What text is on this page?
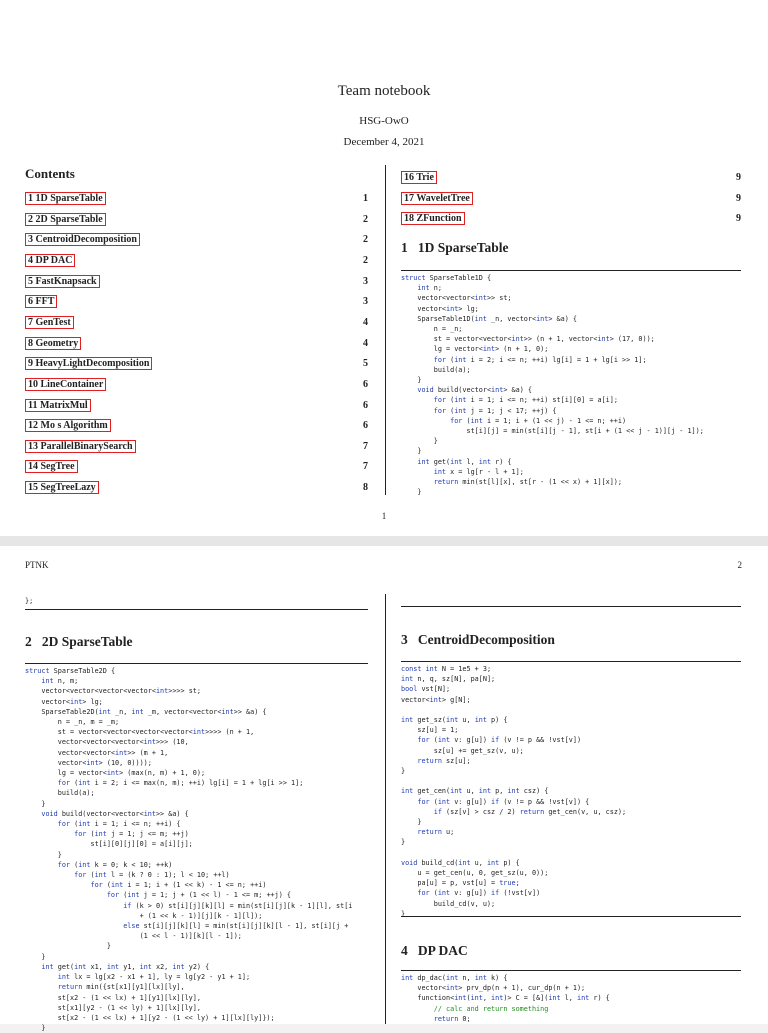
Team notebook
HSG-OwO
December 4, 2021
Contents
1 1D SparseTable	1
2 2D SparseTable	2
3 CentroidDecomposition	2
4 DP DAC	2
5 FastKnapsack	3
6 FFT	3
7 GenTest	4
8 Geometry	4
9 HeavyLightDecomposition	5
10 LineContainer	6
11 MatrixMul	6
12 Mo s Algorithm	6
13 ParallelBinarySearch	7
14 SegTree	7
15 SegTreeLazy	8
16 Trie	9
17 WaveletTree	9
18 ZFunction	9
1 1D SparseTable
struct SparseTable1D {
int n;
vector<vector<int>> st;
vector<int> lg;
SparseTable1D(int _n, vector<int> &a) {
n = _n;
st = vector<vector<int>> (n + 1, vector<int> (17, 0));
lg = vector<int> (n + 1, 0);
for (int i = 2; i <= n; ++i) lg[i] = 1 + lg[i >> 1];
build(a);
}
void build(vector<int> &a) {
for (int i = 1; i <= n; ++i) st[i][0] = a[i];
for (int j = 1; j < 17; ++j) {
for (int i = 1; i + (1 << j) - 1 <= n; ++i)
st[i][j] = min(st[i][j - 1], st[i + (1 << j - 1)][j - 1]);
}
}
int get(int l, int r) {
int x = lg[r - l + 1];
return min(st[l][x], st[r - (1 << x) + 1][x]);
}
1
PTNK	2
};
2 2D SparseTable
struct SparseTable2D {
int n, m;
vector<vector<vector<vector<int>>>> st;
vector<int> lg;
SparseTable2D(int _n, int _m, vector<vector<int>> &a) {
n = _n, m = _m;
st = vector<vector<vector<vector<int>>>> (n + 1,
vector<vector<vector<int>>> (10,
vector<vector<int>> (m + 1,
vector<int> (10, 0))));
lg = vector<int> (max(n, m) + 1, 0);
for (int i = 2; i <= max(n, m); ++i) lg[i] = 1 + lg[i >> 1];
build(a);
}
void build(vector<vector<int>> &a) {
for (int i = 1; i <= n; ++i) {
for (int j = 1; j <= m; ++j)
st[i][0][j][0] = a[i][j];
}
for (int k = 0; k < 10; ++k)
for (int l = (k ? 0 : 1); l < 10; ++l)
for (int i = 1; i + (1 << k) - 1 <= n; ++i)
for (int j = 1; j + (1 << l) - 1 <= m; ++j) {
if (k > 0) st[i][j][k][l] = min(st[i][j][k - 1][l], st[i
+ (1 << k - 1)][j][k - 1][l]);
else st[i][j][k][l] = min(st[i][j][k][l - 1], st[i][j +
(1 << l - 1)][k][l - 1]);
}
}
int get(int x1, int y1, int x2, int y2) {
int lx = lg[x2 - x1 + 1], ly = lg[y2 - y1 + 1];
return min({st[x1][y1][lx][ly],
st[x2 - (1 << lx) + 1][y1][lx][ly],
st[x1][y2 - (1 << ly) + 1][lx][ly],
st[x2 - (1 << lx) + 1][y2 - (1 << ly) + 1][lx][ly]});
}
3 CentroidDecomposition
const int N = 1e5 + 3;
int n, q, sz[N], pa[N];
bool vst[N];
vector<int> g[N];

int get_sz(int u, int p) {
sz[u] = 1;
for (int v: g[u]) if (v != p && !vst[v])
sz[u] += get_sz(v, u);
return sz[u];
}

int get_cen(int u, int p, int csz) {
for (int v: g[u]) if (v != p && !vst[v]) {
if (sz[v] > csz / 2) return get_cen(v, u, csz);
}
return u;
}

void build_cd(int u, int p) {
u = get_cen(u, 0, get_sz(u, 0));
pa[u] = p, vst[u] = true;
for (int v: g[u]) if (!vst[v])
build_cd(v, u);
}
4 DP DAC
int dp_dac(int n, int k) {
vector<int> prv_dp(n + 1), cur_dp(n + 1);
function<int(int, int)> C = [&](int l, int r) {
// calc and return something
return 0;
